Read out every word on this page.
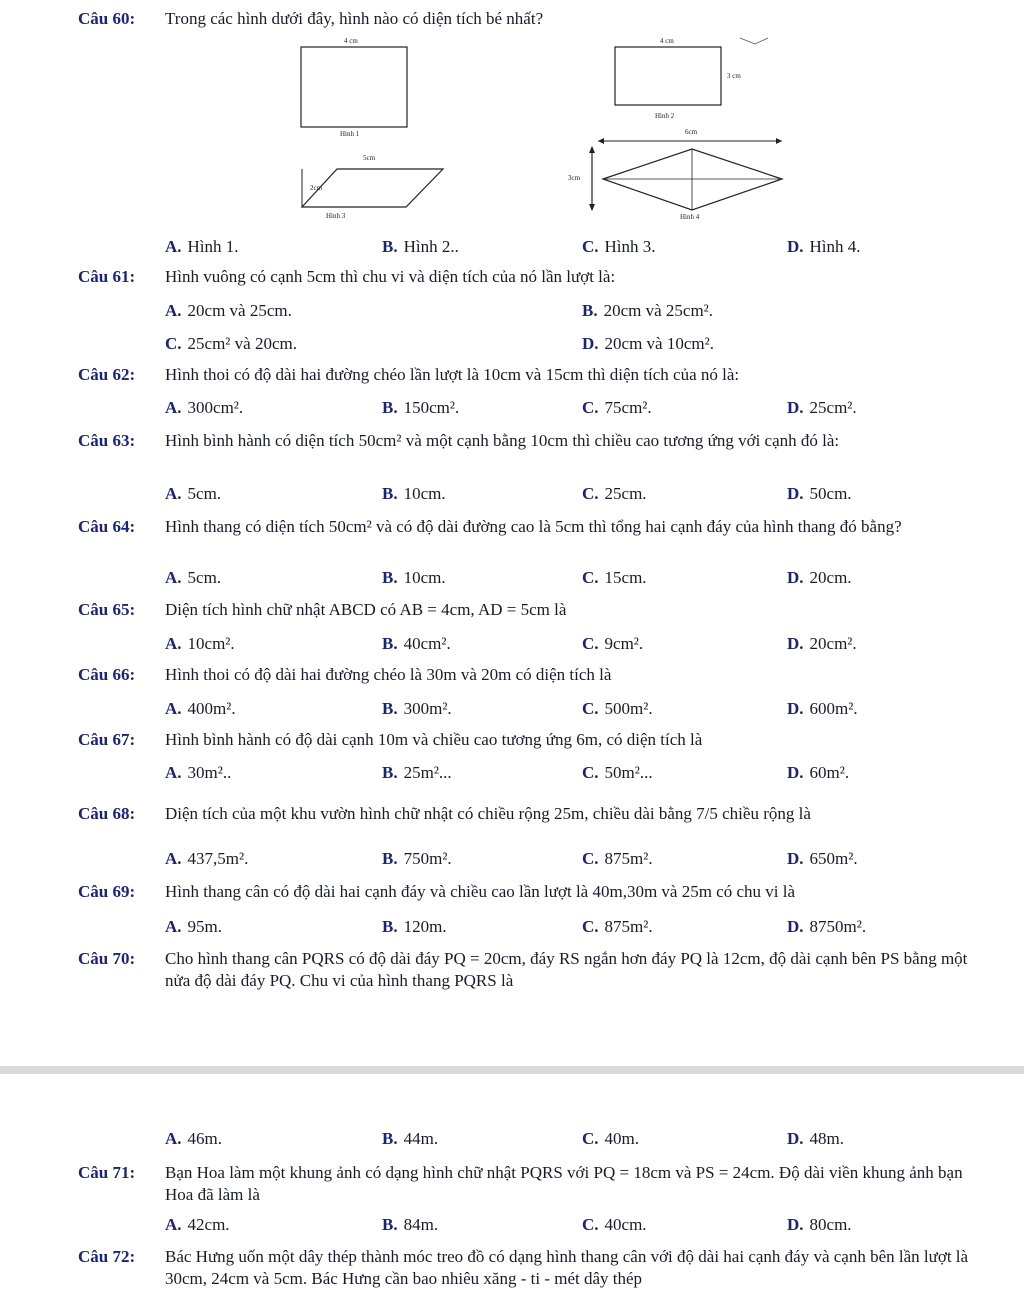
Câu 60: Trong các hình dưới đây, hình nào có diện tích bé nhất?
4 cm
Hình 1
4 cm
3 cm
Hình 2
5cm
2cm
Hình 3
6cm
3cm
Hình 4
A. Hình 1.	B. Hình 2..	C. Hình 3.	D. Hình 4.
Câu 61: Hình vuông có cạnh 5cm thì chu vi và diện tích của nó lần lượt là:
A. 20cm và 25cm.	B. 20cm và 25cm².
C. 25cm² và 20cm.	D. 20cm và 10cm².
Câu 62: Hình thoi có độ dài hai đường chéo lần lượt là 10cm và 15cm thì diện tích của nó là:
A. 300cm².	B. 150cm².	C. 75cm².	D. 25cm².
Câu 63: Hình bình hành có diện tích 50cm² và một cạnh bằng 10cm thì chiều cao tương ứng với cạnh đó là:
A. 5cm.	B. 10cm.	C. 25cm.	D. 50cm.
Câu 64: Hình thang có diện tích 50cm² và có độ dài đường cao là 5cm thì tổng hai cạnh đáy của hình thang đó bằng?
A. 5cm.	B. 10cm.	C. 15cm.	D. 20cm.
Câu 65: Diện tích hình chữ nhật ABCD có AB = 4cm, AD = 5cm là
A. 10cm².	B. 40cm².	C. 9cm².	D. 20cm².
Câu 66: Hình thoi có độ dài hai đường chéo là 30m và 20m có diện tích là
A. 400m².	B. 300m².	C. 500m².	D. 600m².
Câu 67: Hình bình hành có độ dài cạnh 10m và chiều cao tương ứng 6m, có diện tích là
A. 30m²..	B. 25m²...	C. 50m²...	D. 60m².
Câu 68: Diện tích của một khu vườn hình chữ nhật có chiều rộng 25m, chiều dài bằng 7/5 chiều rộng là
A. 437,5m².	B. 750m².	C. 875m².	D. 650m².
Câu 69: Hình thang cân có độ dài hai cạnh đáy và chiều cao lần lượt là 40m,30m và 25m có chu vi là
A. 95m.	B. 120m.	C. 875m².	D. 8750m².
Câu 70: Cho hình thang cân PQRS có độ dài đáy PQ = 20cm, đáy RS ngắn hơn đáy PQ là 12cm, độ dài cạnh bên PS bằng một nửa độ dài đáy PQ. Chu vi của hình thang PQRS là
A. 46m.	B. 44m.	C. 40m.	D. 48m.
Câu 71: Bạn Hoa làm một khung ảnh có dạng hình chữ nhật PQRS với PQ = 18cm và PS = 24cm. Độ dài viền khung ảnh bạn Hoa đã làm là
A. 42cm.	B. 84m.	C. 40cm.	D. 80cm.
Câu 72: Bác Hưng uốn một dây thép thành móc treo đồ có dạng hình thang cân với độ dài hai cạnh đáy và cạnh bên lần lượt là 30cm, 24cm và 5cm. Bác Hưng cần bao nhiêu xăng - ti - mét dây thép
